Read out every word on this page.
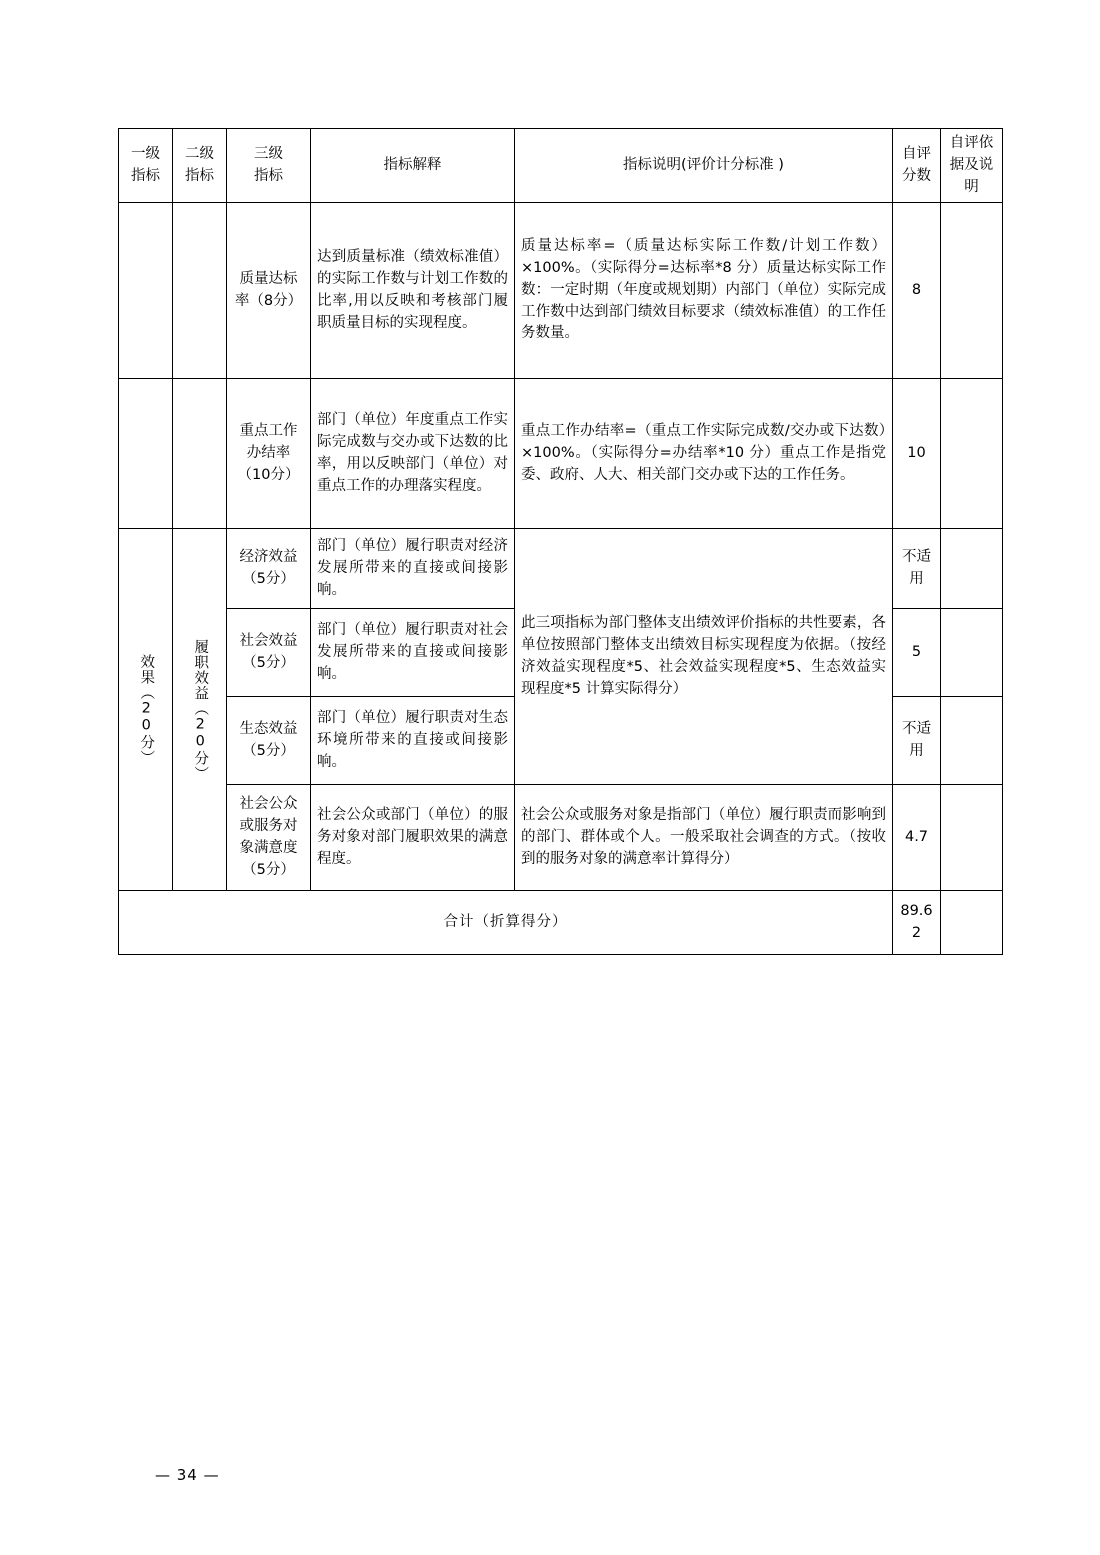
一级指标	二级指标	三级指标	指标解释	指标说明(评价计分标准 )	自评分数	自评依据及说明
		质量达标率（8分）	达到质量标准（绩效标准值）的实际工作数与计划工作数的比率,用以反映和考核部门履职质量目标的实现程度。	质量达标率=（质量达标实际工作数/计划工作数）×100%。（实际得分=达标率*8 分）质量达标实际工作数：一定时期（年度或规划期）内部门（单位）实际完成工作数中达到部门绩效目标要求（绩效标准值）的工作任务数量。	8	
		重点工作办结率（10分）	部门（单位）年度重点工作实际完成数与交办或下达数的比率，用以反映部门（单位）对重点工作的办理落实程度。	重点工作办结率=（重点工作实际完成数/交办或下达数）×100%。（实际得分=办结率*10 分）重点工作是指党委、政府、人大、相关部门交办或下达的工作任务。	10	

效果（20分）	履职效益（20分）	经济效益（5分）	部门（单位）履行职责对经济发展所带来的直接或间接影响。	此三项指标为部门整体支出绩效评价指标的共性要素，各单位按照部门整体支出绩效目标实现程度为依据。（按经济效益实现程度*5、社会效益实现程度*5、生态效益实现程度*5 计算实际得分）	不适用	
		社会效益（5分）	部门（单位）履行职责对社会发展所带来的直接或间接影响。		5	
		生态效益（5分）	部门（单位）履行职责对生态环境所带来的直接或间接影响。		不适用	
		社会公众或服务对象满意度（5分）	社会公众或部门（单位）的服务对象对部门履职效果的满意程度。	社会公众或服务对象是指部门（单位）履行职责而影响到的部门、群体或个人。一般采取社会调查的方式。（按收到的服务对象的满意率计算得分）	4.7	
合计（折算得分）					89.62	
— 34 —
